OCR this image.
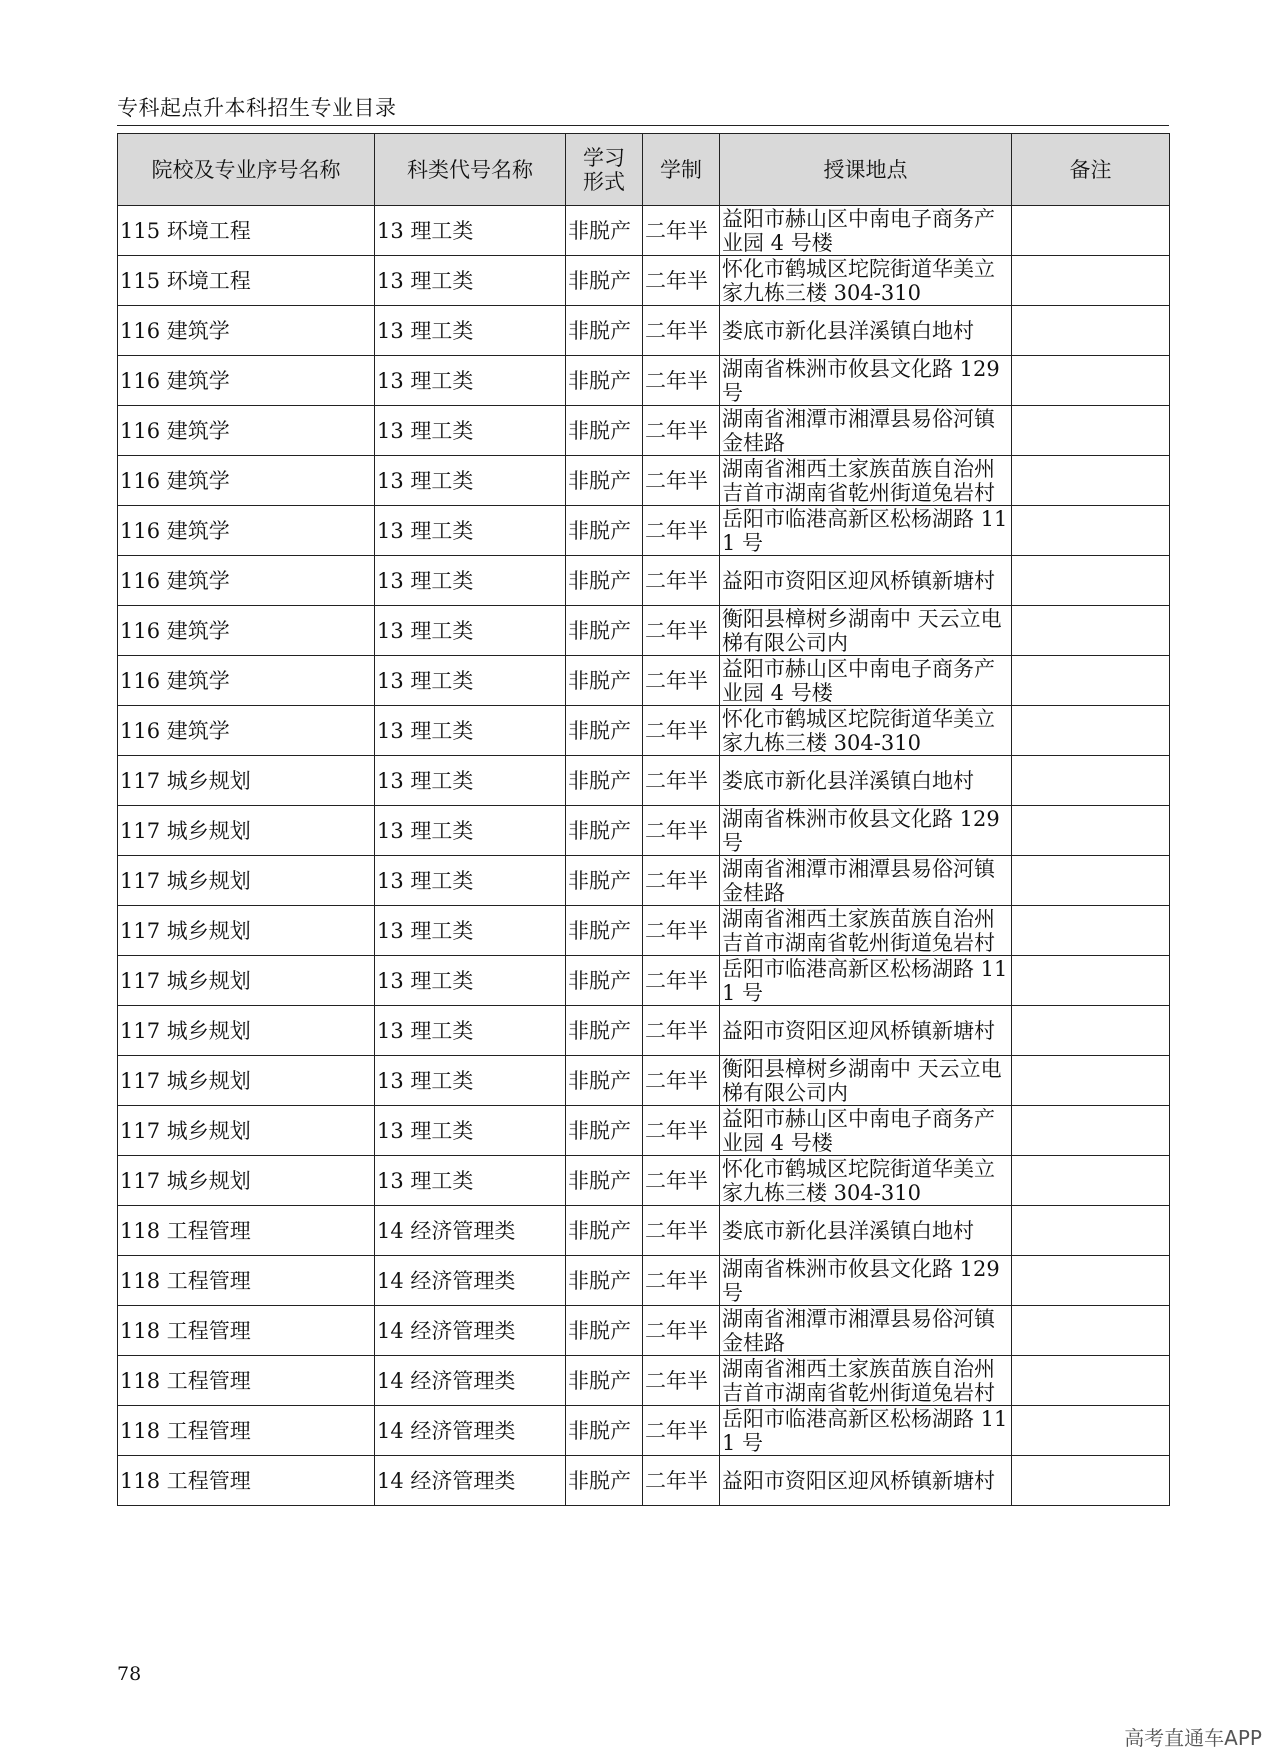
专科起点升本科招生专业目录
院校及专业序号名称	科类代号名称	学习形式	学制	授课地点	备注
115 环境工程	13 理工类	非脱产	二年半	益阳市赫山区中南电子商务产业园 4 号楼	
115 环境工程	13 理工类	非脱产	二年半	怀化市鹤城区坨院街道华美立家九栋三楼 304-310	
116 建筑学	13 理工类	非脱产	二年半	娄底市新化县洋溪镇白地村	
116 建筑学	13 理工类	非脱产	二年半	湖南省株洲市攸县文化路 129 号	
116 建筑学	13 理工类	非脱产	二年半	湖南省湘潭市湘潭县易俗河镇金桂路	
116 建筑学	13 理工类	非脱产	二年半	湖南省湘西土家族苗族自治州吉首市湖南省乾州街道兔岩村	
116 建筑学	13 理工类	非脱产	二年半	岳阳市临港高新区松杨湖路 111 号	
116 建筑学	13 理工类	非脱产	二年半	益阳市资阳区迎风桥镇新塘村	
116 建筑学	13 理工类	非脱产	二年半	衡阳县樟树乡湖南中 天云立电梯有限公司内	
116 建筑学	13 理工类	非脱产	二年半	益阳市赫山区中南电子商务产业园 4 号楼	
116 建筑学	13 理工类	非脱产	二年半	怀化市鹤城区坨院街道华美立家九栋三楼 304-310	
117 城乡规划	13 理工类	非脱产	二年半	娄底市新化县洋溪镇白地村	
117 城乡规划	13 理工类	非脱产	二年半	湖南省株洲市攸县文化路 129 号	
117 城乡规划	13 理工类	非脱产	二年半	湖南省湘潭市湘潭县易俗河镇金桂路	
117 城乡规划	13 理工类	非脱产	二年半	湖南省湘西土家族苗族自治州吉首市湖南省乾州街道兔岩村	
117 城乡规划	13 理工类	非脱产	二年半	岳阳市临港高新区松杨湖路 111 号	
117 城乡规划	13 理工类	非脱产	二年半	益阳市资阳区迎风桥镇新塘村	
117 城乡规划	13 理工类	非脱产	二年半	衡阳县樟树乡湖南中 天云立电梯有限公司内	
117 城乡规划	13 理工类	非脱产	二年半	益阳市赫山区中南电子商务产业园 4 号楼	
117 城乡规划	13 理工类	非脱产	二年半	怀化市鹤城区坨院街道华美立家九栋三楼 304-310	
118 工程管理	14 经济管理类	非脱产	二年半	娄底市新化县洋溪镇白地村	
118 工程管理	14 经济管理类	非脱产	二年半	湖南省株洲市攸县文化路 129 号	
118 工程管理	14 经济管理类	非脱产	二年半	湖南省湘潭市湘潭县易俗河镇金桂路	
118 工程管理	14 经济管理类	非脱产	二年半	湖南省湘西土家族苗族自治州吉首市湖南省乾州街道兔岩村	
118 工程管理	14 经济管理类	非脱产	二年半	岳阳市临港高新区松杨湖路 111 号	
118 工程管理	14 经济管理类	非脱产	二年半	益阳市资阳区迎风桥镇新塘村	
78
高考直通车APP
